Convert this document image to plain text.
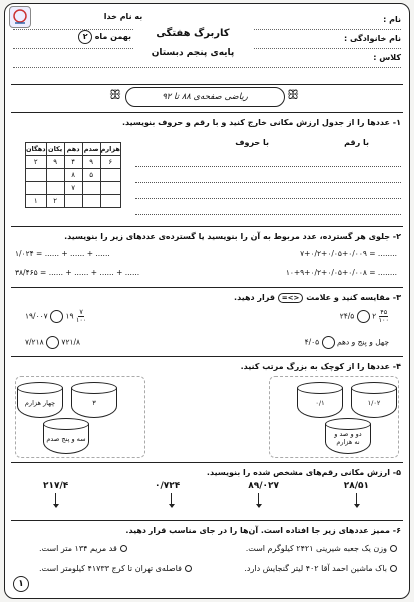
به نام خدا	نام :
نام خانوادگی :
کلاس :
کاربرگ هفتگی
پایه‌ی پنجم دبستان
بهمن ماه ۲
ریاضی صفحه‌ی ۸۸ تا ۹۲
ꕥ	ꕥ
۱- عددها را از جدول ارزش مکانی خارج کنید و با رقم و حروف بنویسید.
با رقم
با حروف
هزارم	صدم	دهم	یکان	دهگان
۶	۹	۴	۹	۲
	۵	۸		
		۷		
			۲	۱
۲- جلوی هر گسترده، عدد مربوط به آن را بنویسید یا گسترده‌ی عددهای زیر را بنویسید.
۷+۰/۲+۰/۰۵+۰/۰۰۹ = ........
۱/۰۲۴ = ...... + ...... + ......
۱۰+۹+۰/۲+۰/۰۵+۰/۰۰۸ = ........
۳۸/۴۶۵ = ...... + ...... + ...... + ......
۳- مقایسه کنید و علامت <>= قرار دهید.
۲۴/۵ ۲ $\frac{۴۵}{۱۰۰}$
۱۹/۰۰۷ ۱۹ $\frac{۷}{۱۰۰}$
۴/۰۵ چهل و پنج و دهم
۷/۲۱۸ ۷۲۱/۸
۴- عددها را از کوچک به بزرگ مرتب کنید.
چهار هزارم	۳
سه و پنج صدم
۱/۰۲
۰/۱
دو و صد و
نه هزارم
۵- ارزش مکانی رقم‌های مشخص شده را بنویسید.
۲۸/۵۱
۸۹/۰۲۷
۰/۷۲۴
۲۱۷/۴
۶- ممیز عددهای زیر جا افتاده است. آن‌ها را در جای مناسب قرار دهید.
وزن یک جعبه شیرینی ۲۴۲۱ کیلوگرم است.
قد مریم ۱۳۴ متر است.
باک ماشین احمد آقا ۴۰۲ لیتر گنجایش دارد.
فاصله‌ی تهران تا کرج ۴۱۷۳۳ کیلومتر است.
۱
